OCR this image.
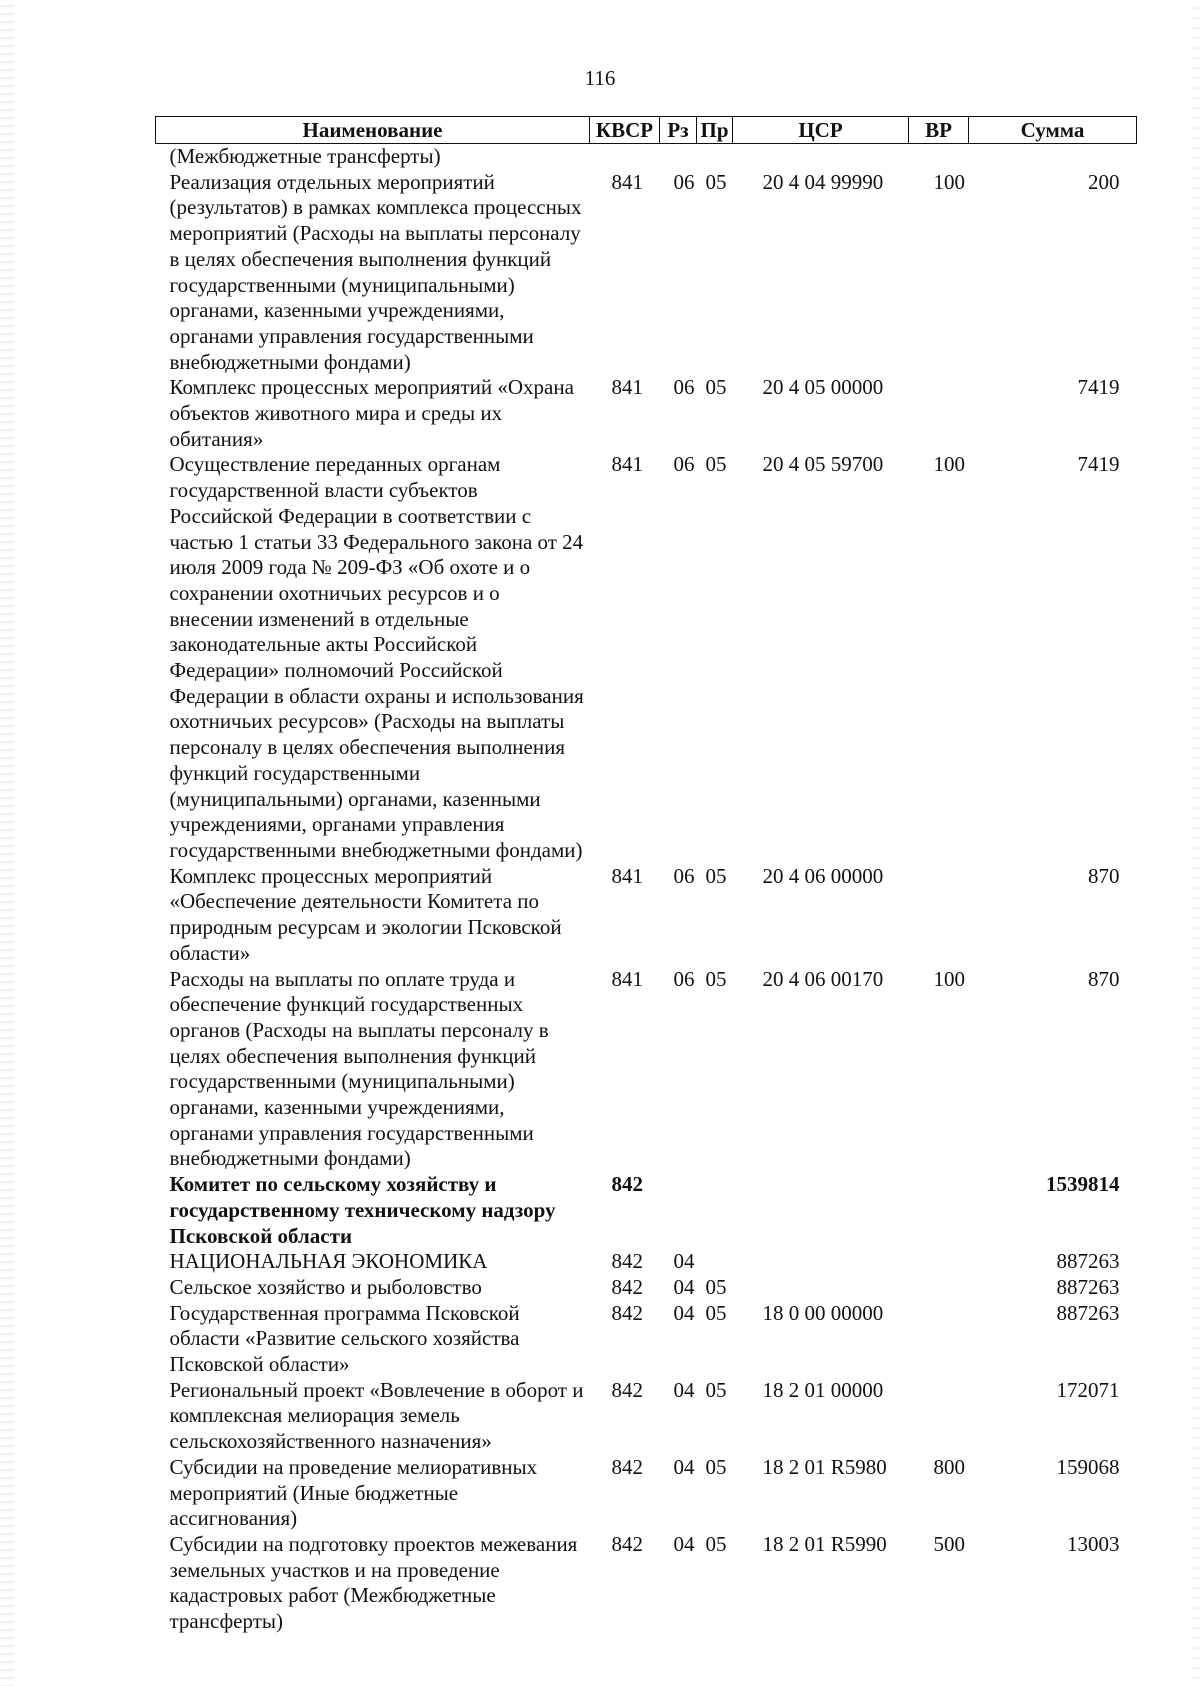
116
Наименование	КВСР	Рз	Пр	ЦСР	ВР	Сумма
(Межбюджетные трансферты)						
Реализация отдельных мероприятий (результатов) в рамках комплекса процессных мероприятий (Расходы на выплаты персоналу в целях обеспечения выполнения функций государственными (муниципальными) органами, казенными учреждениями, органами управления государственными внебюджетными фондами)	841	06	05	20 4 04 99990	100	200
Комплекс процессных мероприятий «Охрана объектов животного мира и среды их обитания»	841	06	05	20 4 05 00000		7419
Осуществление переданных органам государственной власти субъектов Российской Федерации в соответствии с частью 1 статьи 33 Федерального закона от 24 июля 2009 года № 209-ФЗ «Об охоте и о сохранении охотничьих ресурсов и о внесении изменений в отдельные законодательные акты Российской Федерации» полномочий Российской Федерации в области охраны и использования охотничьих ресурсов» (Расходы на выплаты персоналу в целях обеспечения выполнения функций государственными (муниципальными) органами, казенными учреждениями, органами управления государственными внебюджетными фондами)	841	06	05	20 4 05 59700	100	7419
Комплекс процессных мероприятий «Обеспечение деятельности Комитета по природным ресурсам и экологии Псковской области»	841	06	05	20 4 06 00000		870
Расходы на выплаты по оплате труда и обеспечение функций государственных органов (Расходы на выплаты персоналу в целях обеспечения выполнения функций государственными (муниципальными) органами, казенными учреждениями, органами управления государственными внебюджетными фондами)	841	06	05	20 4 06 00170	100	870
Комитет по сельскому хозяйству и государственному техническому надзору Псковской области	842					1539814
НАЦИОНАЛЬНАЯ ЭКОНОМИКА	842	04				887263
Сельское хозяйство и рыболовство	842	04	05			887263
Государственная программа Псковской области «Развитие сельского хозяйства Псковской области»	842	04	05	18 0 00 00000		887263
Региональный проект «Вовлечение в оборот и комплексная мелиорация земель сельскохозяйственного назначения»	842	04	05	18 2 01 00000		172071
Субсидии на проведение мелиоративных мероприятий (Иные бюджетные ассигнования)	842	04	05	18 2 01 R5980	800	159068
Субсидии на подготовку проектов межевания земельных участков и на проведение кадастровых работ (Межбюджетные трансферты)	842	04	05	18 2 01 R5990	500	13003
